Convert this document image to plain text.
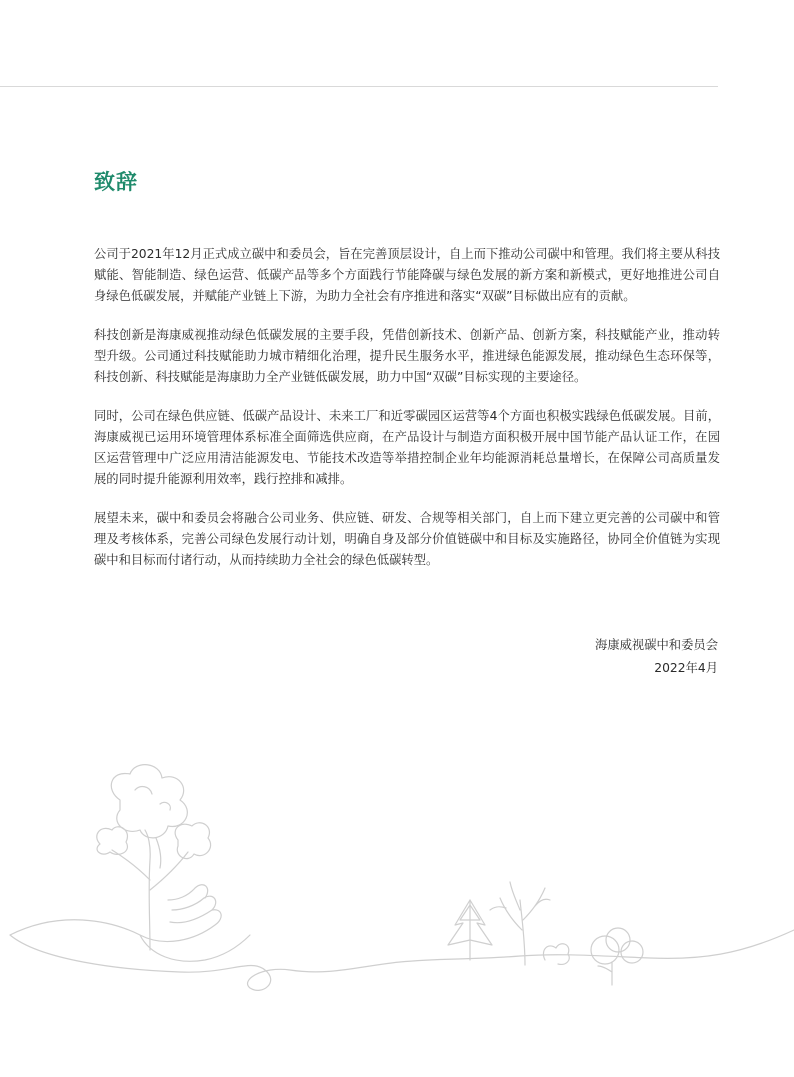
致辞

公司于2021年12月正式成立碳中和委员会，旨在完善顶层设计，自上而下推动公司碳中和管理。我们将主要从科技赋能、智能制造、绿色运营、低碳产品等多个方面践行节能降碳与绿色发展的新方案和新模式，更好地推进公司自身绿色低碳发展，并赋能产业链上下游，为助力全社会有序推进和落实“双碳”目标做出应有的贡献。

科技创新是海康威视推动绿色低碳发展的主要手段，凭借创新技术、创新产品、创新方案，科技赋能产业，推动转型升级。公司通过科技赋能助力城市精细化治理，提升民生服务水平，推进绿色能源发展，推动绿色生态环保等，科技创新、科技赋能是海康助力全产业链低碳发展，助力中国“双碳”目标实现的主要途径。

同时，公司在绿色供应链、低碳产品设计、未来工厂和近零碳园区运营等4个方面也积极实践绿色低碳发展。目前，海康威视已运用环境管理体系标准全面筛选供应商，在产品设计与制造方面积极开展中国节能产品认证工作，在园区运营管理中广泛应用清洁能源发电、节能技术改造等举措控制企业年均能源消耗总量增长，在保障公司高质量发展的同时提升能源利用效率，践行控排和减排。

展望未来，碳中和委员会将融合公司业务、供应链、研发、合规等相关部门，自上而下建立更完善的公司碳中和管理及考核体系，完善公司绿色发展行动计划，明确自身及部分价值链碳中和目标及实施路径，协同全价值链为实现碳中和目标而付诸行动，从而持续助力全社会的绿色低碳转型。

海康威视碳中和委员会
2022年4月
